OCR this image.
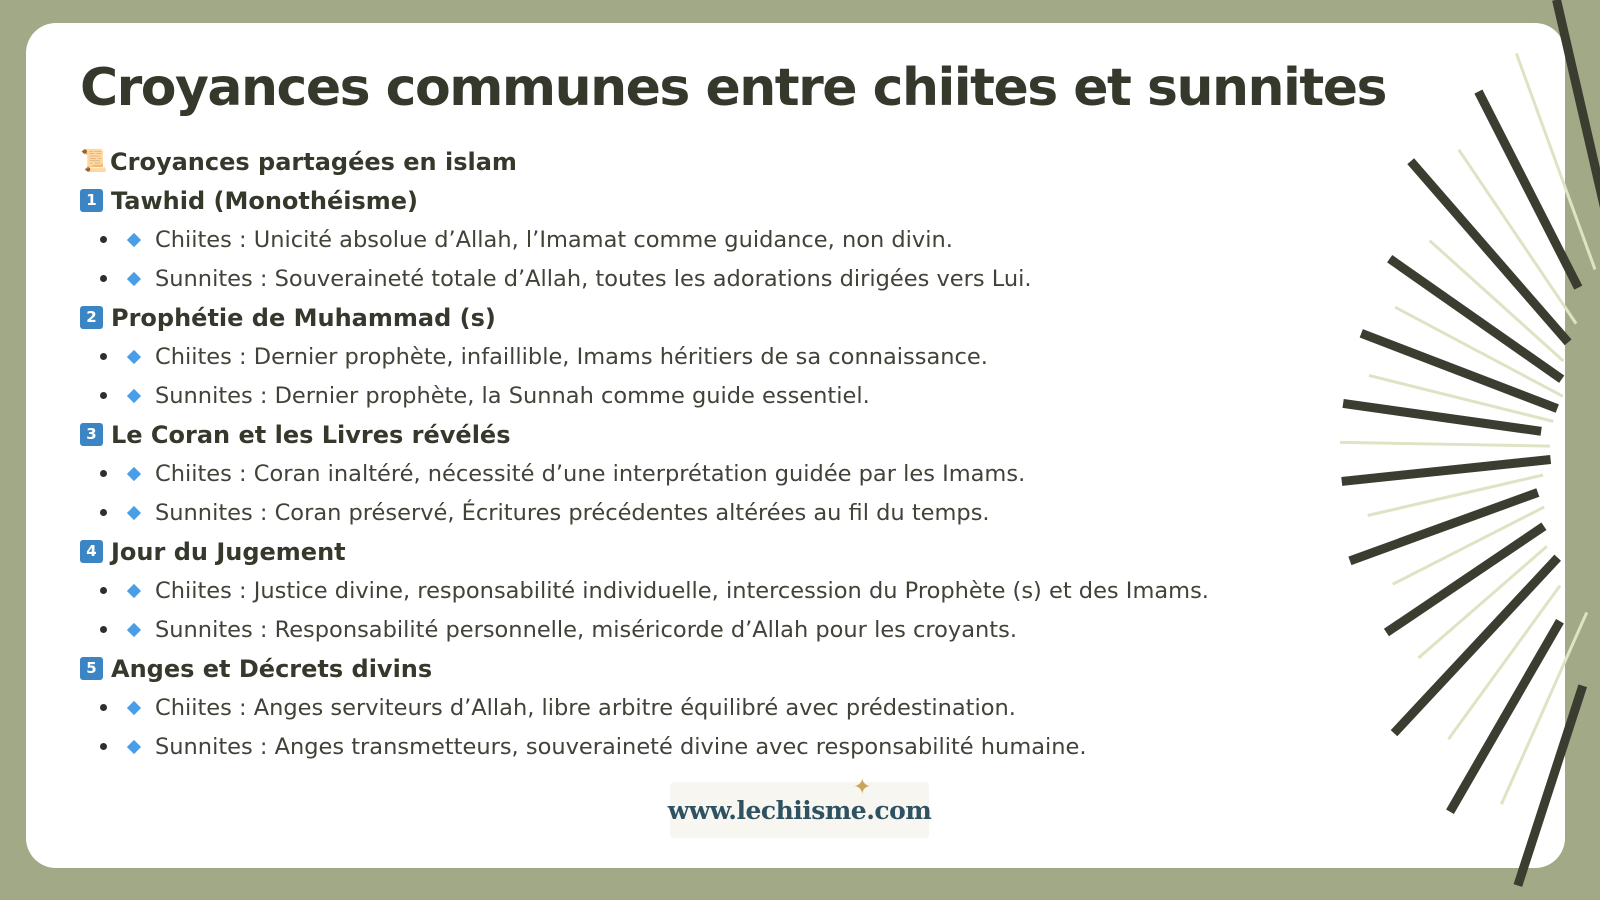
Croyances communes entre chiites et sunnites
📜 Croyances partagées en islam
1 Tawhid (Monothéisme)
Chiites : Unicité absolue d’Allah, l’Imamat comme guidance, non divin.
Sunnites : Souveraineté totale d’Allah, toutes les adorations dirigées vers Lui.
2 Prophétie de Muhammad (s)
Chiites : Dernier prophète, infaillible, Imams héritiers de sa connaissance.
Sunnites : Dernier prophète, la Sunnah comme guide essentiel.
3 Le Coran et les Livres révélés
Chiites : Coran inaltéré, nécessité d’une interprétation guidée par les Imams.
Sunnites : Coran préservé, Écritures précédentes altérées au fil du temps.
4 Jour du Jugement
Chiites : Justice divine, responsabilité individuelle, intercession du Prophète (s) et des Imams.
Sunnites : Responsabilité personnelle, miséricorde d’Allah pour les croyants.
5 Anges et Décrets divins
Chiites : Anges serviteurs d’Allah, libre arbitre équilibré avec prédestination.
Sunnites : Anges transmetteurs, souveraineté divine avec responsabilité humaine.
www.lechiisme.com
✦
